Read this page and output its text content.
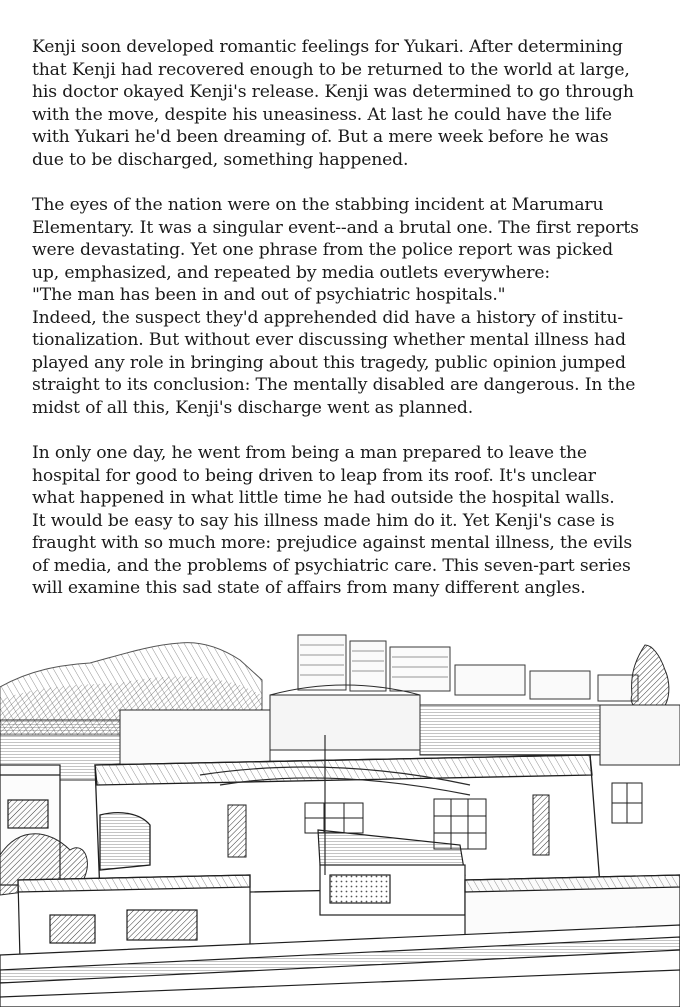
Kenji soon developed romantic feelings for Yukari. After determining
that Kenji had recovered enough to be returned to the world at large,
his doctor okayed Kenji's release. Kenji was determined to go through
with the move, despite his uneasiness. At last he could have the life
with Yukari he'd been dreaming of. But a mere week before he was
due to be discharged, something happened.

The eyes of the nation were on the stabbing incident at Marumaru
Elementary. It was a singular event--and a brutal one. The first reports
were devastating. Yet one phrase from the police report was picked
up, emphasized, and repeated by media outlets everywhere:
"The man has been in and out of psychiatric hospitals."
Indeed, the suspect they'd apprehended did have a history of institu-
tionalization. But without ever discussing whether mental illness had
played any role in bringing about this tragedy, public opinion jumped
straight to its conclusion: The mentally disabled are dangerous. In the
midst of all this, Kenji's discharge went as planned.

In only one day, he went from being a man prepared to leave the
hospital for good to being driven to leap from its roof. It's unclear
what happened in what little time he had outside the hospital walls.
It would be easy to say his illness made him do it. Yet Kenji's case is
fraught with so much more: prejudice against mental illness, the evils
of media, and the problems of psychiatric care. This seven-part series
will examine this sad state of affairs from many different angles.
